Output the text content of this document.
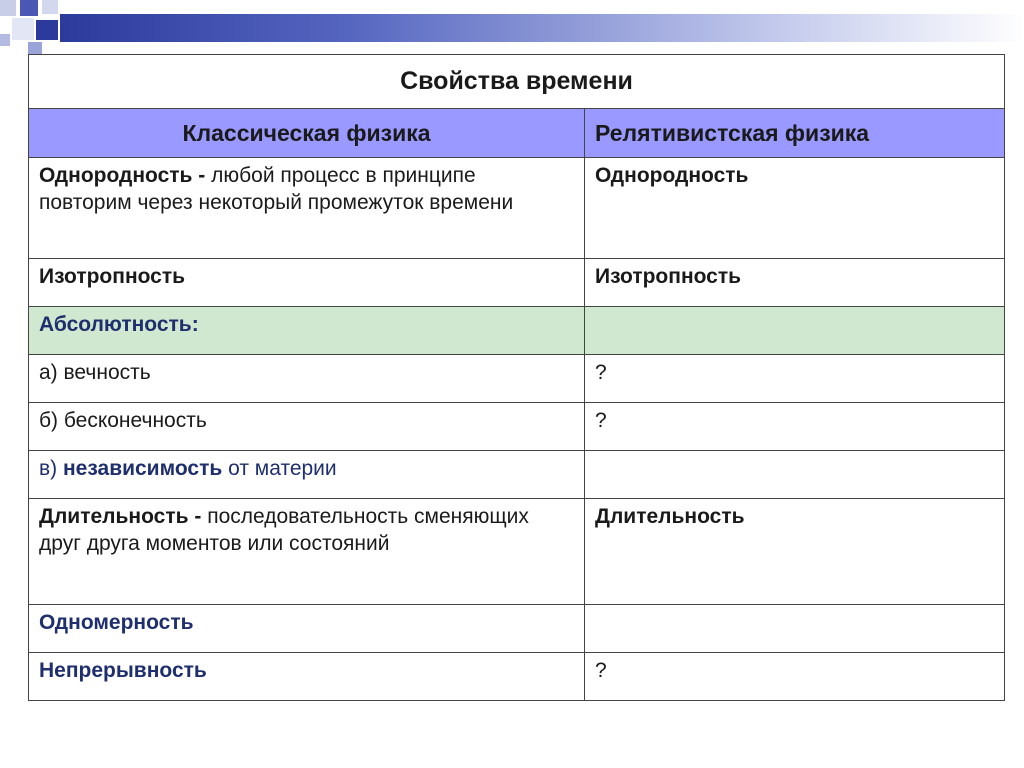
Свойства времени	
Классическая физика	Релятивистская физика
Однородность - любой процесс в принципе повторим через некоторый промежуток времени	Однородность
Изотропность	Изотропность
Абсолютность:	
а) вечность	?
б) бесконечность	?
в) независимость от материи	
Длительность - последовательность сменяющих друг друга моментов или состояний	Длительность
Одномерность	
Непрерывность	?
